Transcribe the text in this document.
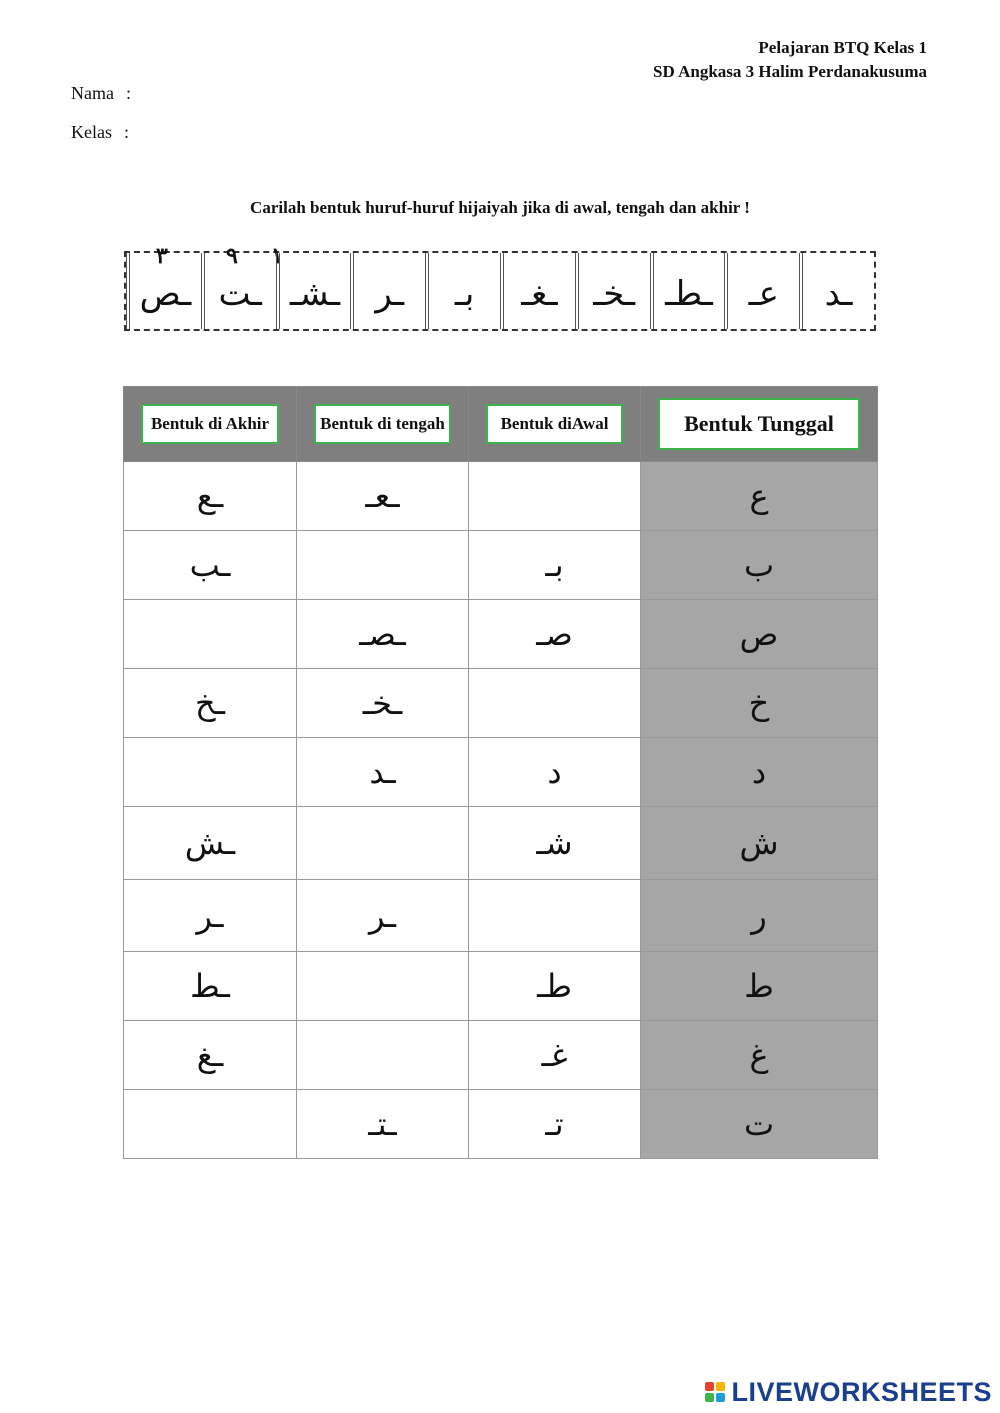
Pelajaran BTQ Kelas 1
SD Angkasa 3 Halim Perdanakusuma
Nama :
Kelas :
Carilah bentuk huruf-huruf hijaiyah jika di awal, tengah dan akhir !
٣	٩ ١
ـص ـت ـشـ	ـر	بـ	ـغـ	ـخـ ـطـ	عـ	ـد
Bentuk di Akhir	Bentuk di tengah	Bentuk diAwal	Bentuk Tunggal

ـع	ـعـ		ع
ـب		بـ	ب
	ـصـ	صـ	ص
ـخ	ـخـ		خ
	ـد	د	د
ـش		شـ	ش
ـر	ـر		ر
ـط		طـ	ط
ـغ		غـ	غ
	ـتـ	تـ	ت
LIVEWORKSHEETS
